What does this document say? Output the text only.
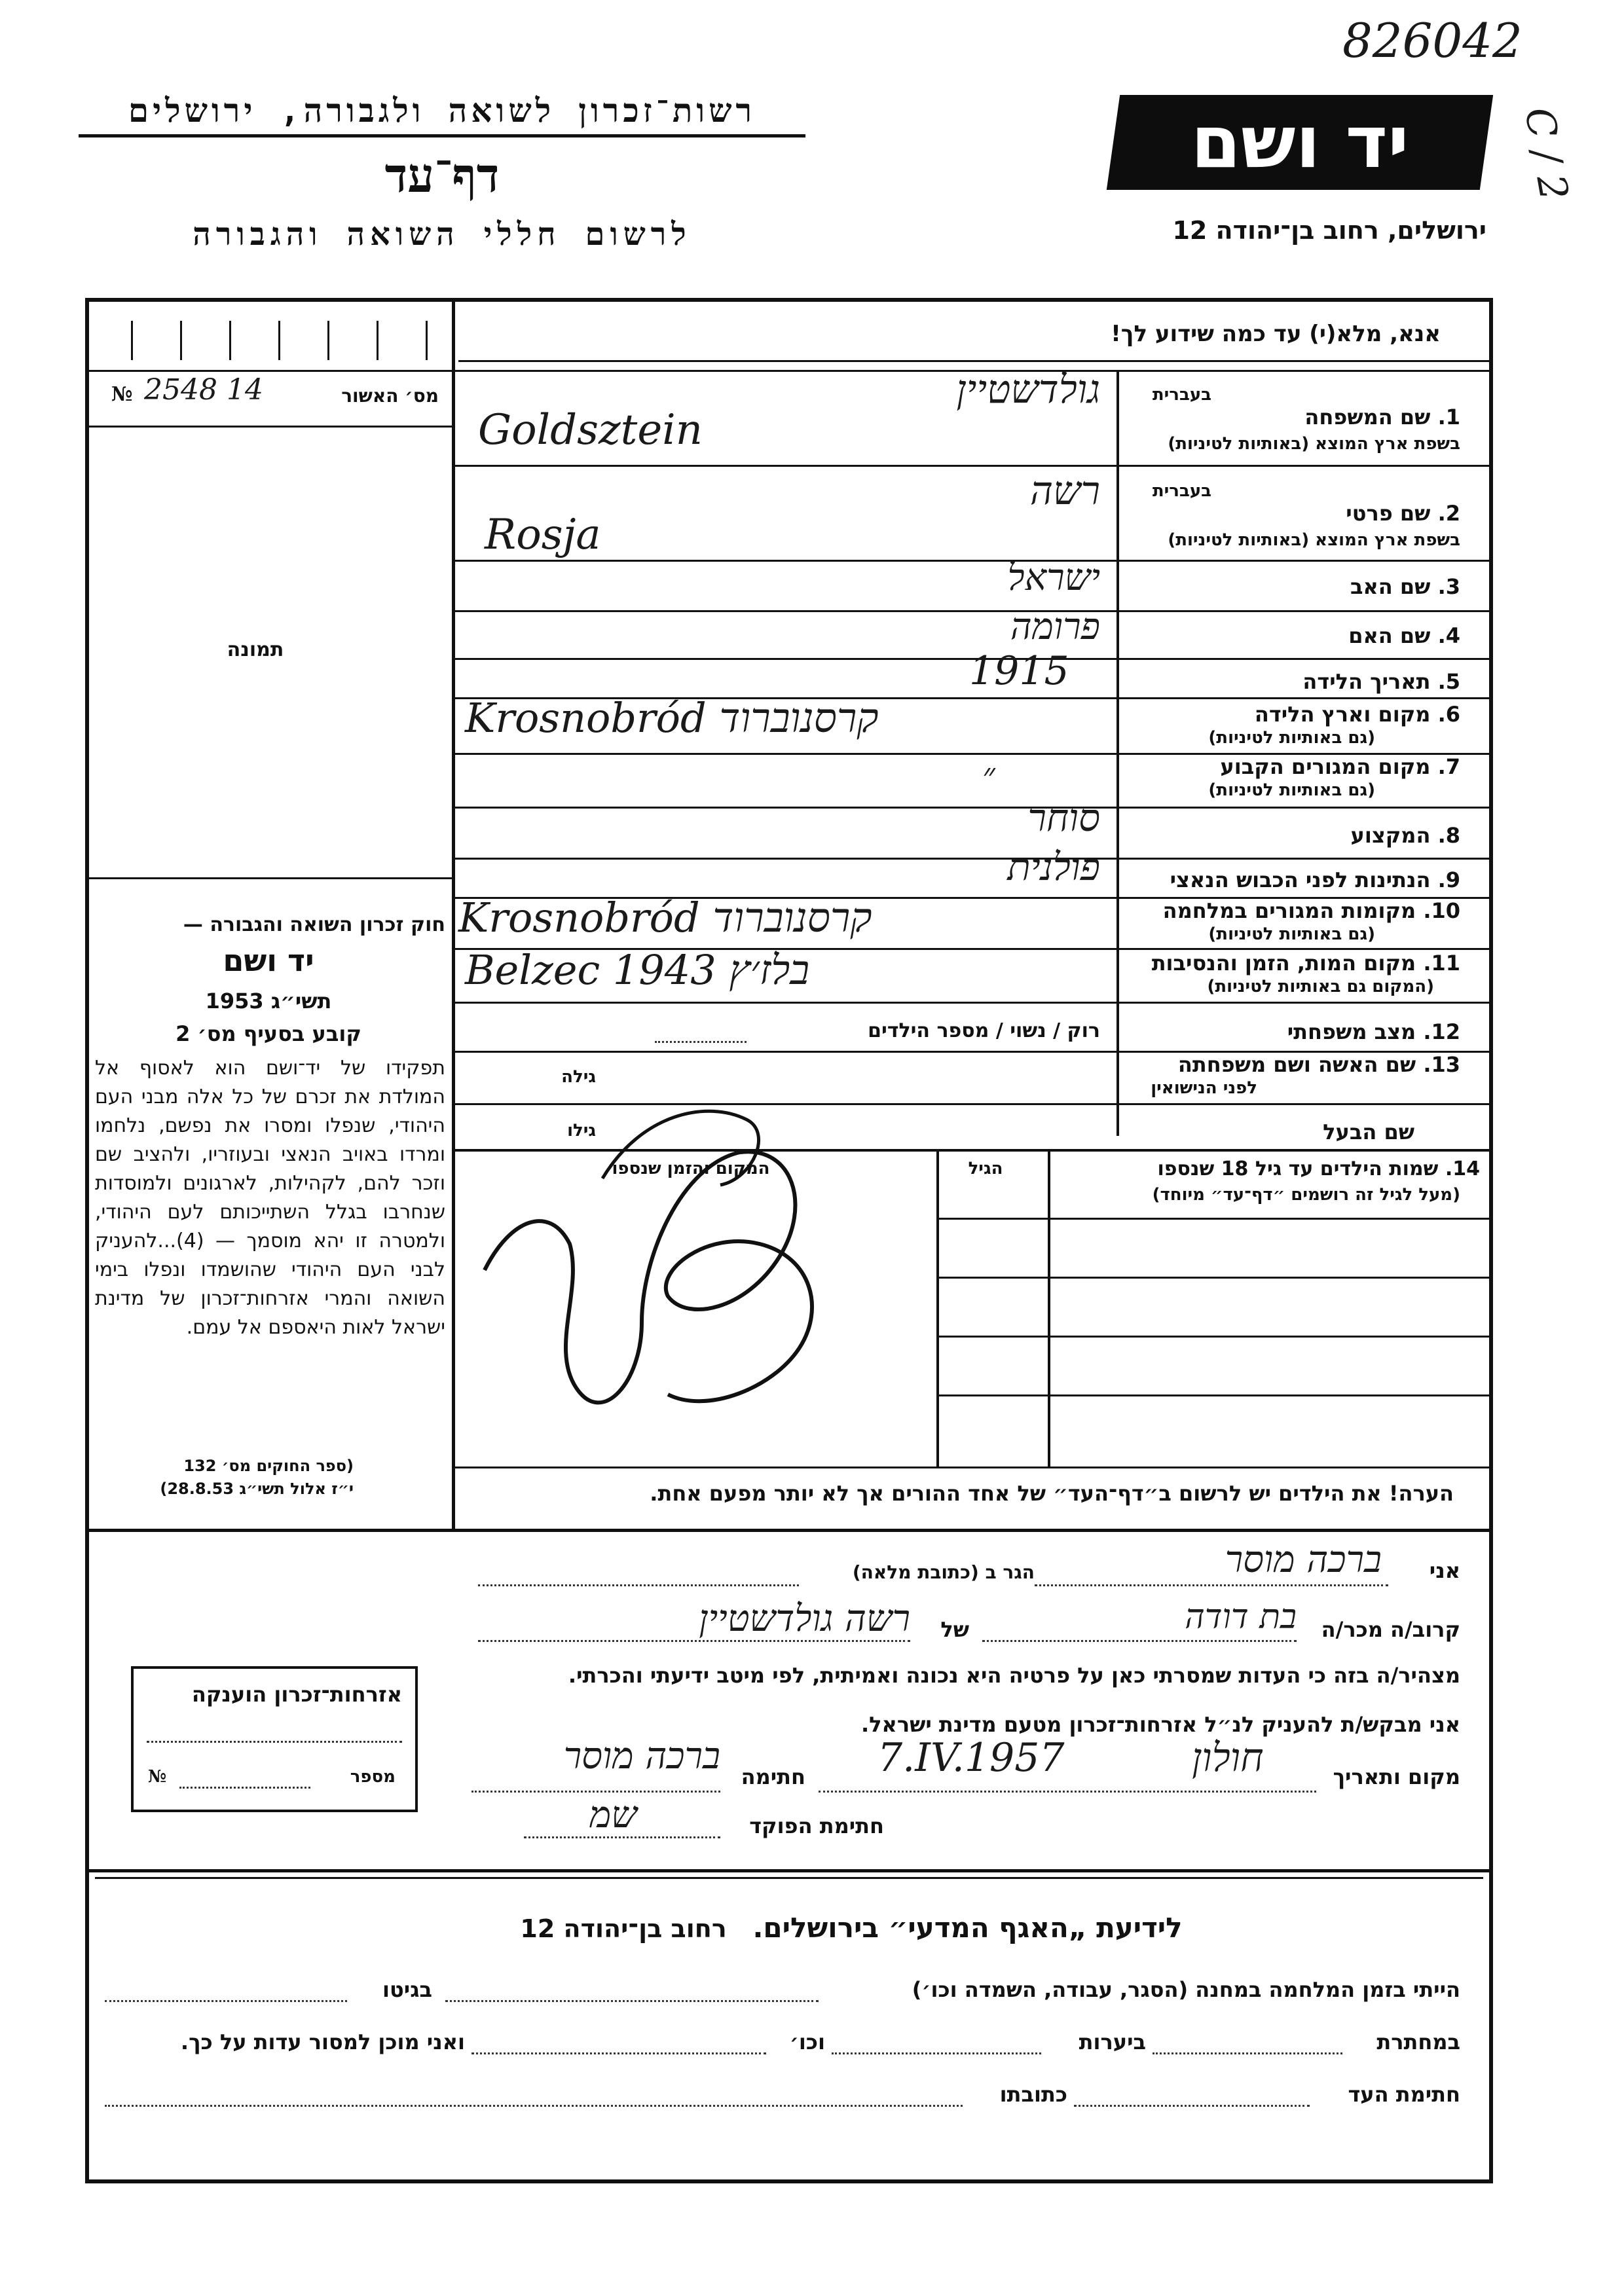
826042
2 / C
רשות־זכרון לשואה ולגבורה, ירושלים
דף־עד
לרשום חללי השואה והגבורה
יד ושם
ירושלים, רחוב בן־יהודה 12
אנא, מלא(י) עד כמה שידוע לך!
№ 2548 14	מס׳ האשור
תמונה
חוק זכרון השואה והגבורה —
יד ושם
תשי״ג 1953
קובע בסעיף מס׳ 2
תפקידו של יד־ושם הוא לאסוף אל המולדת את זכרם של כל אלה מבני העם היהודי, שנפלו ומסרו את נפשם, נלחמו ומרדו באויב הנאצי ובעוזריו, ולהציב שם וזכר להם, לקהילות, לארגונים ולמוסדות שנחרבו בגלל השתייכותם לעם היהודי, ולמטרה זו יהא מוסמך — (4)...להעניק לבני העם היהודי שהושמדו ונפלו בימי השואה והמרי אזרחות־זכרון של מדינת ישראל לאות היאספם אל עמם.
(ספר החוקים מס׳ 132
י״ז אלול תשי״ג 28.8.53)
בעברית
1. שם המשפחה
בשפת ארץ המוצא (באותיות לטיניות)
גולדשטיין
Goldsztein
בעברית
2. שם פרטי
בשפת ארץ המוצא (באותיות לטיניות)
רשה
Rosja
3. שם האב
ישראל
4. שם האם
פרומה
5. תאריך הלידה
1915
6. מקום וארץ הלידה
(גם באותיות לטיניות)
Krosnobród קרסנוברוד
7. מקום המגורים הקבוע
(גם באותיות לטיניות)
״
8. המקצוע
סוחר
9. הנתינות לפני הכבוש הנאצי
פולנית
10. מקומות המגורים במלחמה
(גם באותיות לטיניות)
Krosnobród קרסנוברוד
11. מקום המות, הזמן והנסיבות
(המקום גם באותיות לטיניות)
Belzec 1943 בלז׳ץ
12. מצב משפחתי
רוק / נשוי / מספר הילדים
13. שם האשה ושם משפחתה
לפני הנישואין
גילה
שם הבעל
גילו
14. שמות הילדים עד גיל 18 שנספו
(מעל לגיל זה רושמים ״דף־עד״ מיוחד)
הגיל
המקום והזמן שנספו
הערה! את הילדים יש לרשום ב״דף־העד״ של אחד ההורים אך לא יותר מפעם אחת.
אני
ברכה מוסר
הגר ב (כתובת מלאה)
קרוב/ה מכר/ה
בת דודה
של
רשה גולדשטיין
מצהיר/ה בזה כי העדות שמסרתי כאן על פרטיה היא נכונה ואמיתית, לפי מיטב ידיעתי והכרתי.
אני מבקש/ת להעניק לנ״ל אזרחות־זכרון מטעם מדינת ישראל.
מקום ותאריך
חולון
7.IV.1957
חתימה
ברכה מוסר
חתימת הפוקד
שמ
אזרחות־זכרון הוענקה
№	מספר
לידיעת „האגף המדעי״ בירושלים.   רחוב בן־יהודה 12
הייתי בזמן המלחמה במחנה (הסגר, עבודה, השמדה וכו׳)
בגיטו
במחתרת
ביערות
וכו׳
ואני מוכן למסור עדות על כך.
חתימת העד
כתובתו
